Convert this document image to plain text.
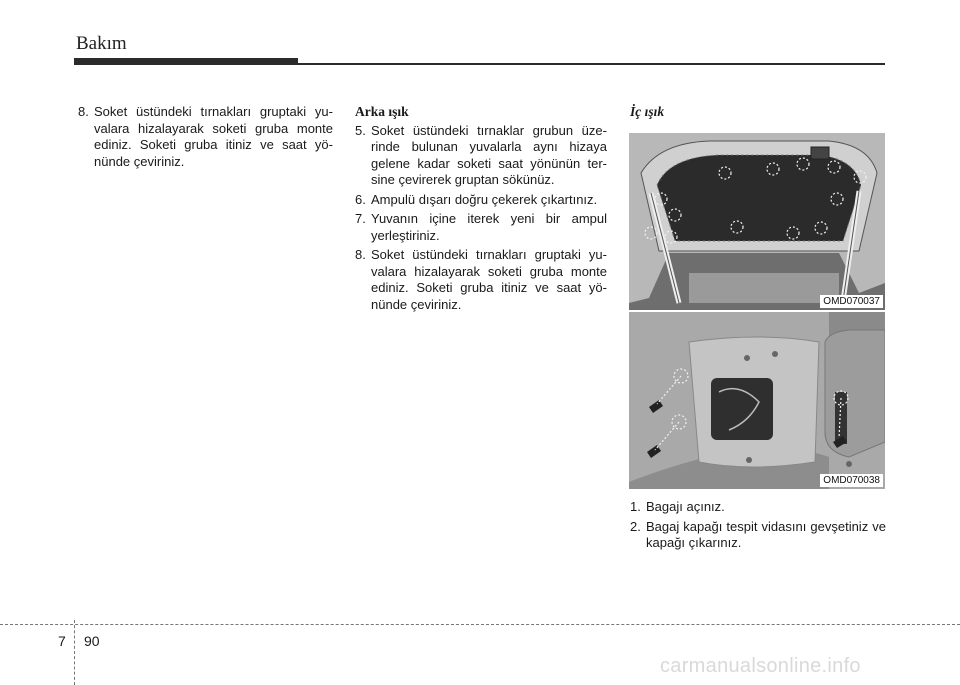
Bakım
8. Soket üstündeki tırnakları gruptaki yuvalara hizalayarak soketi gruba monte ediniz. Soketi gruba itiniz ve saat yönünde çeviriniz.
Arka ışık
5. Soket üstündeki tırnaklar grubun üzerinde bulunan yuvalarla aynı hizaya gelene kadar soketi saat yönünün tersine çevirerek gruptan sökünüz.
6. Ampulü dışarı doğru çekerek çıkartınız.
7. Yuvanın içine iterek yeni bir ampul yerleştiriniz.
8. Soket üstündeki tırnakları gruptaki yuvalara hizalayarak soketi gruba monte ediniz. Soketi gruba itiniz ve saat yönünde çeviriniz.
İç ışık
OMD070037
OMD070038
1. Bagajı açınız.
2. Bagaj kapağı tespit vidasını gevşetiniz ve kapağı çıkarınız.
7 90
carmanualsonline.info
